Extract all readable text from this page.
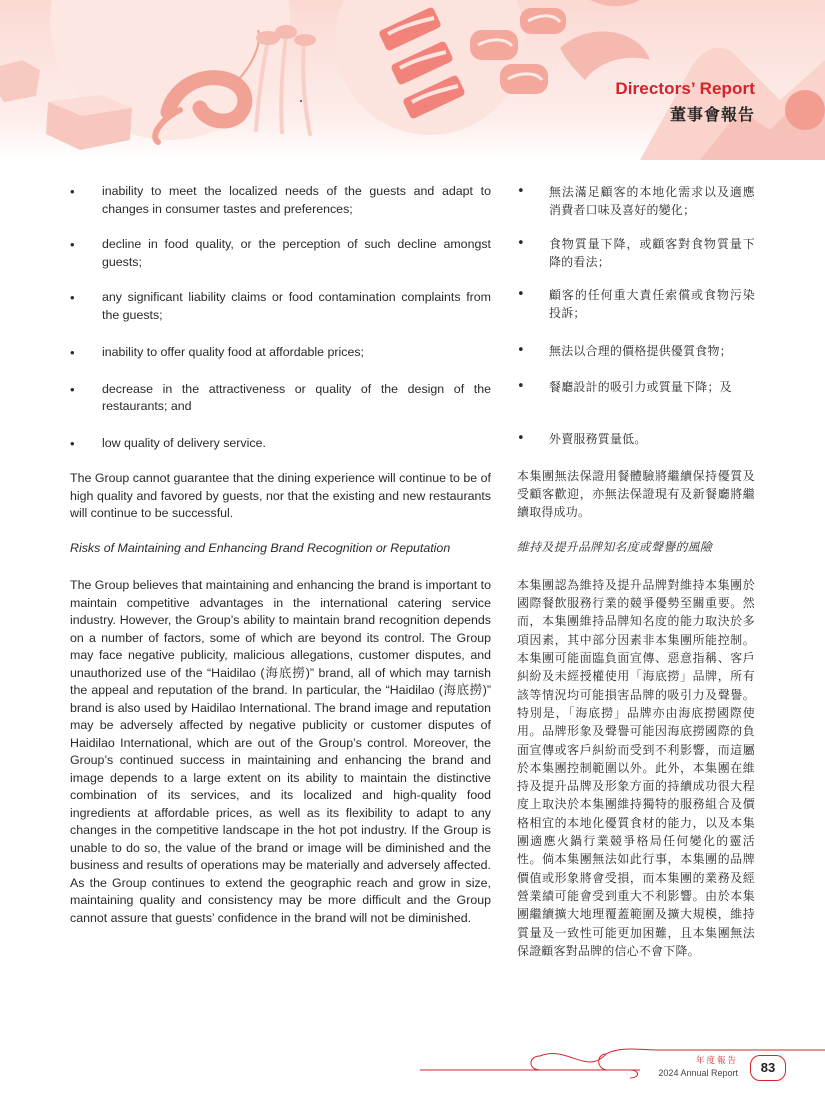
Directors’ Report
董事會報告
• inability to meet the localized needs of the guests and adapt to changes in consumer tastes and preferences;
• decline in food quality, or the perception of such decline amongst guests;
• any significant liability claims or food contamination complaints from the guests;
• inability to offer quality food at affordable prices;
• decrease in the attractiveness or quality of the design of the restaurants; and
• low quality of delivery service.

The Group cannot guarantee that the dining experience will continue to be of high quality and favored by guests, nor that the existing and new restaurants will continue to be successful.

Risks of Maintaining and Enhancing Brand Recognition or Reputation

The Group believes that maintaining and enhancing the brand is important to maintain competitive advantages in the international catering service industry. However, the Group’s ability to maintain brand recognition depends on a number of factors, some of which are beyond its control. The Group may face negative publicity, malicious allegations, customer disputes, and unauthorized use of the “Haidilao (海底撈)” brand, all of which may tarnish the appeal and reputation of the brand. In particular, the “Haidilao (海底撈)” brand is also used by Haidilao International. The brand image and reputation may be adversely affected by negative publicity or customer disputes of Haidilao International, which are out of the Group’s control. Moreover, the Group’s continued success in maintaining and enhancing the brand and image depends to a large extent on its ability to maintain the distinctive combination of its services, and its localized and high-quality food ingredients at affordable prices, as well as its flexibility to adapt to any changes in the competitive landscape in the hot pot industry. If the Group is unable to do so, the value of the brand or image will be diminished and the business and results of operations may be materially and adversely affected. As the Group continues to extend the geographic reach and grow in size, maintaining quality and consistency may be more difficult and the Group cannot assure that guests’ confidence in the brand will not be diminished.

• 無法滿足顧客的本地化需求以及適應消費者口味及喜好的變化；
• 食物質量下降，或顧客對食物質量下降的看法；
• 顧客的任何重大責任索償或食物污染投訴；
• 無法以合理的價格提供優質食物；
• 餐廳設計的吸引力或質量下降；及
• 外賣服務質量低。

本集團無法保證用餐體驗將繼續保持優質及受顧客歡迎，亦無法保證現有及新餐廳將繼續取得成功。

維持及提升品牌知名度或聲譽的風險

本集團認為維持及提升品牌對維持本集團於國際餐飲服務行業的競爭優勢至關重要。然而，本集團維持品牌知名度的能力取決於多項因素，其中部分因素非本集團所能控制。本集團可能面臨負面宣傳、惡意指稱、客戶糾紛及未經授權使用「海底撈」品牌，所有該等情況均可能損害品牌的吸引力及聲譽。特別是，「海底撈」品牌亦由海底撈國際使用。品牌形象及聲譽可能因海底撈國際的負面宣傳或客戶糾紛而受到不利影響，而這屬於本集團控制範圍以外。此外，本集團在維持及提升品牌及形象方面的持續成功很大程度上取決於本集團維持獨特的服務組合及價格相宜的本地化優質食材的能力，以及本集團適應火鍋行業競爭格局任何變化的靈活性。倘本集團無法如此行事，本集團的品牌價值或形象將會受損，而本集團的業務及經營業績可能會受到重大不利影響。由於本集團繼續擴大地理覆蓋範圍及擴大規模，維持質量及一致性可能更加困難，且本集團無法保證顧客對品牌的信心不會下降。

年度報告
2024 Annual Report	83
